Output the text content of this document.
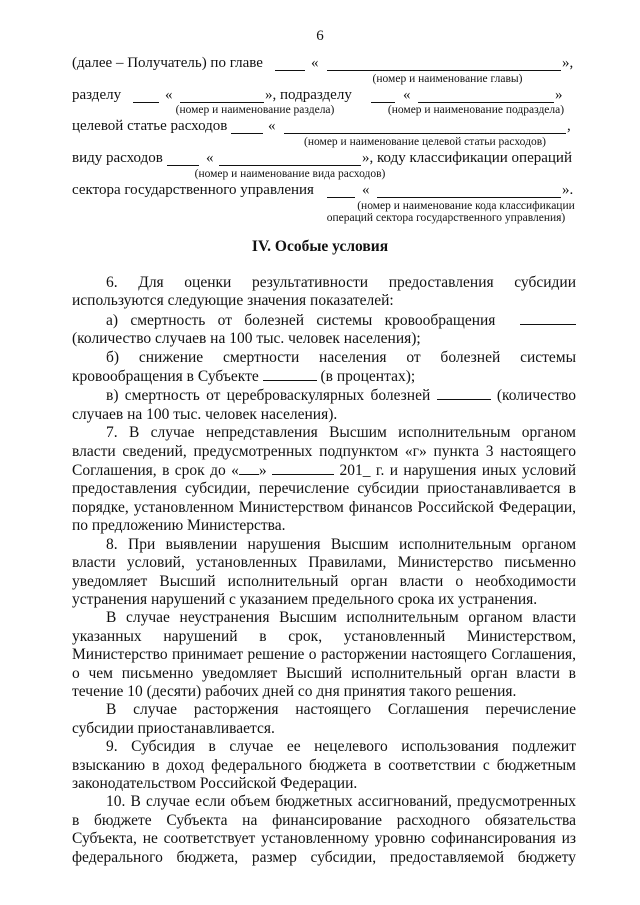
6
(далее – Получатель) по главе	«	»,
(номер и наименование главы)
разделу	«	», подразделу	«	»
(номер и наименование раздела)	(номер и наименование подраздела)
целевой статье расходов	«	,
(номер и наименование целевой статьи расходов)
виду расходов	«	», коду классификации операций
(номер и наименование вида расходов)
сектора государственного управления	«	».
(номер и наименование кода классификации
операций сектора государственного управления)
IV. Особые условия

6. Для оценки результативности предоставления субсидии используются следующие значения показателей:

а) смертность от болезней системы кровообращения

(количество случаев на 100 тыс. человек населения);

б) снижение смертности населения от болезней системы кровообращения в Субъекте	(в процентах);

в) смертность от цереброваскулярных болезней	(количество случаев на 100 тыс. человек населения).

7. В случае непредставления Высшим исполнительным органом власти сведений, предусмотренных подпунктом «г» пункта 3 настоящего Соглашения, в срок до « »	201_ г. и нарушения иных условий предоставления субсидии, перечисление субсидии приостанавливается в порядке, установленном Министерством финансов Российской Федерации, по предложению Министерства.

8. При выявлении нарушения Высшим исполнительным органом власти условий, установленных Правилами, Министерство письменно уведомляет Высший исполнительный орган власти о необходимости устранения нарушений с указанием предельного срока их устранения.

В случае неустранения Высшим исполнительным органом власти указанных нарушений в срок, установленный Министерством, Министерство принимает решение о расторжении настоящего Соглашения, о чем письменно уведомляет Высший исполнительный орган власти в течение 10 (десяти) рабочих дней со дня принятия такого решения.

В случае расторжения настоящего Соглашения перечисление субсидии приостанавливается.

9. Субсидия в случае ее нецелевого использования подлежит взысканию в доход федерального бюджета в соответствии с бюджетным законодательством Российской Федерации.

10. В случае если объем бюджетных ассигнований, предусмотренных в бюджете Субъекта на финансирование расходного обязательства Субъекта, не соответствует установленному уровню софинансирования из федерального бюджета, размер субсидии, предоставляемой бюджету
